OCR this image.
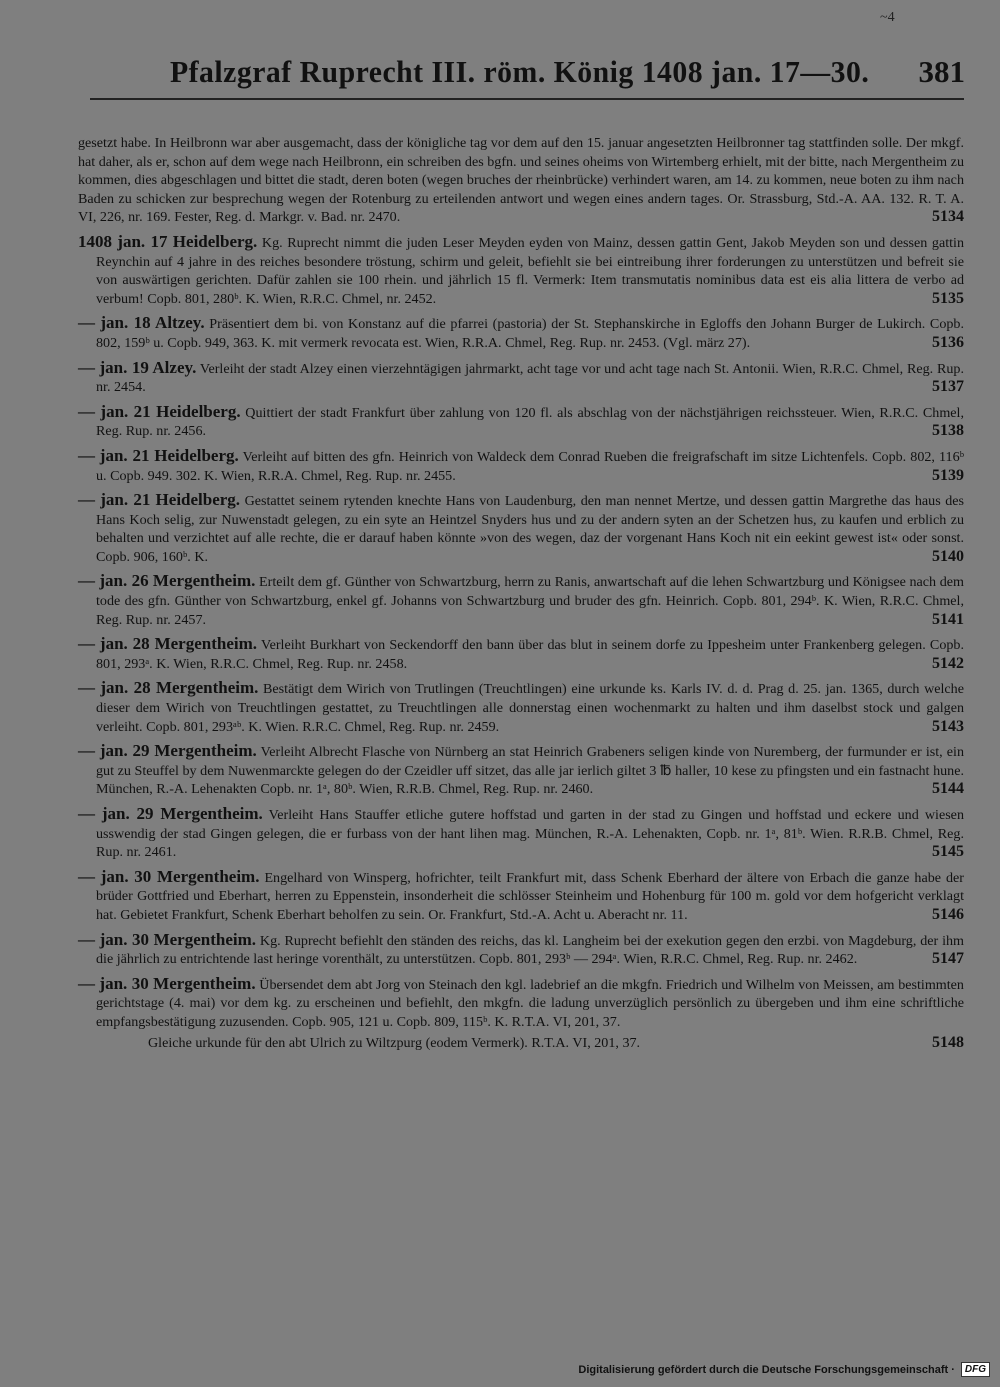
~4
Pfalzgraf Ruprecht III. röm. König 1408 jan. 17—30. 381

gesetzt habe. In Heilbronn war aber ausgemacht, dass der königliche tag vor dem auf den 15. januar angesetzten Heilbronner tag stattfinden solle. Der mkgf. hat daher, als er, schon auf dem wege nach Heilbronn, ein schreiben des bgfn. und seines oheims von Wirtemberg erhielt, mit der bitte, nach Mergentheim zu kommen, dies abgeschlagen und bittet die stadt, deren boten (wegen bruches der rheinbrücke) verhindert waren, am 14. zu kommen, neue boten zu ihm nach Baden zu schicken zur besprechung wegen der Rotenburg zu erteilenden antwort und wegen eines andern tages. Or. Strassburg, Std.-A. AA. 132. R. T. A. VI, 226, nr. 169. Fester, Reg. d. Markgr. v. Bad. nr. 2470.	5134

1408 jan. 17 Heidelberg. Kg. Ruprecht nimmt die juden Leser Meyden eyden von Mainz, dessen gattin Gent, Jakob Meyden son und dessen gattin Reynchin auf 4 jahre in des reiches besondere tröstung, schirm und geleit, befiehlt sie bei eintreibung ihrer forderungen zu unterstützen und befreit sie von auswärtigen gerichten. Dafür zahlen sie 100 rhein. und jährlich 15 fl. Vermerk: Item transmutatis nominibus data est eis alia littera de verbo ad verbum! Copb. 801, 280ᵇ. K. Wien, R.R.C. Chmel, nr. 2452.	5135

— jan. 18 Altzey. Präsentiert dem bi. von Konstanz auf die pfarrei (pastoria) der St. Stephanskirche in Egloffs den Johann Burger de Lukirch. Copb. 802, 159ᵇ u. Copb. 949, 363. K. mit vermerk revocata est. Wien, R.R.A. Chmel, Reg. Rup. nr. 2453. (Vgl. märz 27).	5136

— jan. 19 Alzey. Verleiht der stadt Alzey einen vierzehntägigen jahrmarkt, acht tage vor und acht tage nach St. Antonii. Wien, R.R.C. Chmel, Reg. Rup. nr. 2454.	5137

— jan. 21 Heidelberg. Quittiert der stadt Frankfurt über zahlung von 120 fl. als abschlag von der nächstjährigen reichssteuer. Wien, R.R.C. Chmel, Reg. Rup. nr. 2456.	5138

— jan. 21 Heidelberg. Verleiht auf bitten des gfn. Heinrich von Waldeck dem Conrad Rueben die freigrafschaft im sitze Lichtenfels. Copb. 802, 116ᵇ u. Copb. 949. 302. K. Wien, R.R.A. Chmel, Reg. Rup. nr. 2455.	5139

— jan. 21 Heidelberg. Gestattet seinem rytenden knechte Hans von Laudenburg, den man nennet Mertze, und dessen gattin Margrethe das haus des Hans Koch selig, zur Nuwenstadt gelegen, zu ein syte an Heintzel Snyders hus und zu der andern syten an der Schetzen hus, zu kaufen und erblich zu behalten und verzichtet auf alle rechte, die er darauf haben könnte »von des wegen, daz der vorgenant Hans Koch nit ein eekint gewest ist« oder sonst. Copb. 906, 160ᵇ. K.	5140

— jan. 26 Mergentheim. Erteilt dem gf. Günther von Schwartzburg, herrn zu Ranis, anwartschaft auf die lehen Schwartzburg und Königsee nach dem tode des gfn. Günther von Schwartzburg, enkel gf. Johanns von Schwartzburg und bruder des gfn. Heinrich. Copb. 801, 294ᵇ. K. Wien, R.R.C. Chmel, Reg. Rup. nr. 2457.	5141

— jan. 28 Mergentheim. Verleiht Burkhart von Seckendorff den bann über das blut in seinem dorfe zu Ippesheim unter Frankenberg gelegen. Copb. 801, 293ᵃ. K. Wien, R.R.C. Chmel, Reg. Rup. nr. 2458.	5142

— jan. 28 Mergentheim. Bestätigt dem Wirich von Trutlingen (Treuchtlingen) eine urkunde ks. Karls IV. d. d. Prag d. 25. jan. 1365, durch welche dieser dem Wirich von Treuchtlingen gestattet, zu Treuchtlingen alle donnerstag einen wochenmarkt zu halten und ihm daselbst stock und galgen verleiht. Copb. 801, 293ᵃᵇ. K. Wien. R.R.C. Chmel, Reg. Rup. nr. 2459.	5143

— jan. 29 Mergentheim. Verleiht Albrecht Flasche von Nürnberg an stat Heinrich Grabeners seligen kinde von Nuremberg, der furmunder er ist, ein gut zu Steuffel by dem Nuwenmarckte gelegen do der Czeidler uff sitzet, das alle jar ierlich giltet 3 ℔ haller, 10 kese zu pfingsten und ein fastnacht hune. München, R.-A. Lehenakten Copb. nr. 1ᵃ, 80ᵇ. Wien, R.R.B. Chmel, Reg. Rup. nr. 2460.	5144

— jan. 29 Mergentheim. Verleiht Hans Stauffer etliche gutere hoffstad und garten in der stad zu Gingen und hoffstad und eckere und wiesen usswendig der stad Gingen gelegen, die er furbass von der hant lihen mag. München, R.-A. Lehenakten, Copb. nr. 1ᵃ, 81ᵇ. Wien. R.R.B. Chmel, Reg. Rup. nr. 2461.	5145

— jan. 30 Mergentheim. Engelhard von Winsperg, hofrichter, teilt Frankfurt mit, dass Schenk Eberhard der ältere von Erbach die ganze habe der brüder Gottfried und Eberhart, herren zu Eppenstein, insonderheit die schlösser Steinheim und Hohenburg für 100 m. gold vor dem hofgericht verklagt hat. Gebietet Frankfurt, Schenk Eberhart beholfen zu sein. Or. Frankfurt, Std.-A. Acht u. Aberacht nr. 11.	5146

— jan. 30 Mergentheim. Kg. Ruprecht befiehlt den ständen des reichs, das kl. Langheim bei der exekution gegen den erzbi. von Magdeburg, der ihm die jährlich zu entrichtende last heringe vorenthält, zu unterstützen. Copb. 801, 293ᵇ — 294ᵃ. Wien, R.R.C. Chmel, Reg. Rup. nr. 2462.	5147

— jan. 30 Mergentheim. Übersendet dem abt Jorg von Steinach den kgl. ladebrief an die mkgfn. Friedrich und Wilhelm von Meissen, am bestimmten gerichtstage (4. mai) vor dem kg. zu erscheinen und befiehlt, den mkgfn. die ladung unverzüglich persönlich zu übergeben und ihm eine schriftliche empfangsbestätigung zuzusenden. Copb. 905, 121 u. Copb. 809, 115ᵇ. K. R.T.A. VI, 201, 37.

Gleiche urkunde für den abt Ulrich zu Wiltzpurg (eodem Vermerk). R.T.A. VI, 201, 37.	5148

Digitalisierung gefördert durch die Deutsche Forschungsgemeinschaft ·	DFG
